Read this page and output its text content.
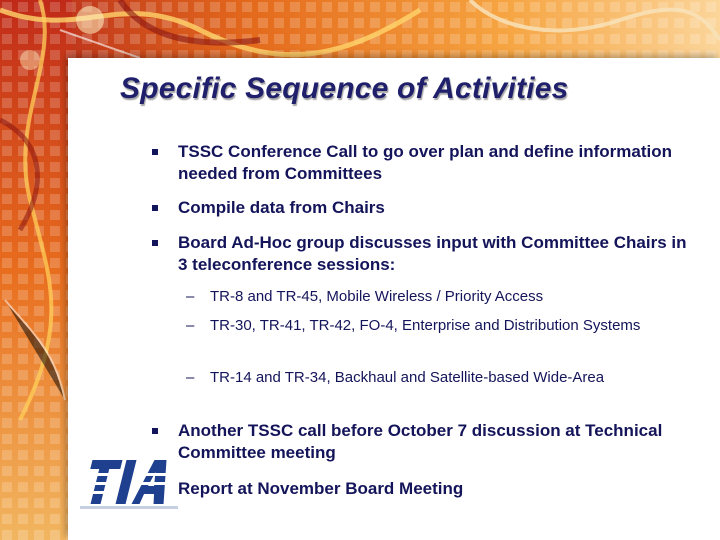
Specific Sequence of Activities
TSSC Conference Call to go over plan and define information needed from Committees
Compile data from Chairs
Board Ad-Hoc group discusses input with Committee Chairs in 3 teleconference sessions:
– TR-8 and TR-45, Mobile Wireless / Priority Access
– TR-30, TR-41, TR-42, FO-4, Enterprise and Distribution Systems
– TR-14 and TR-34, Backhaul and Satellite-based Wide-Area
Another TSSC call before October 7 discussion at Technical Committee meeting
Report at November Board Meeting
